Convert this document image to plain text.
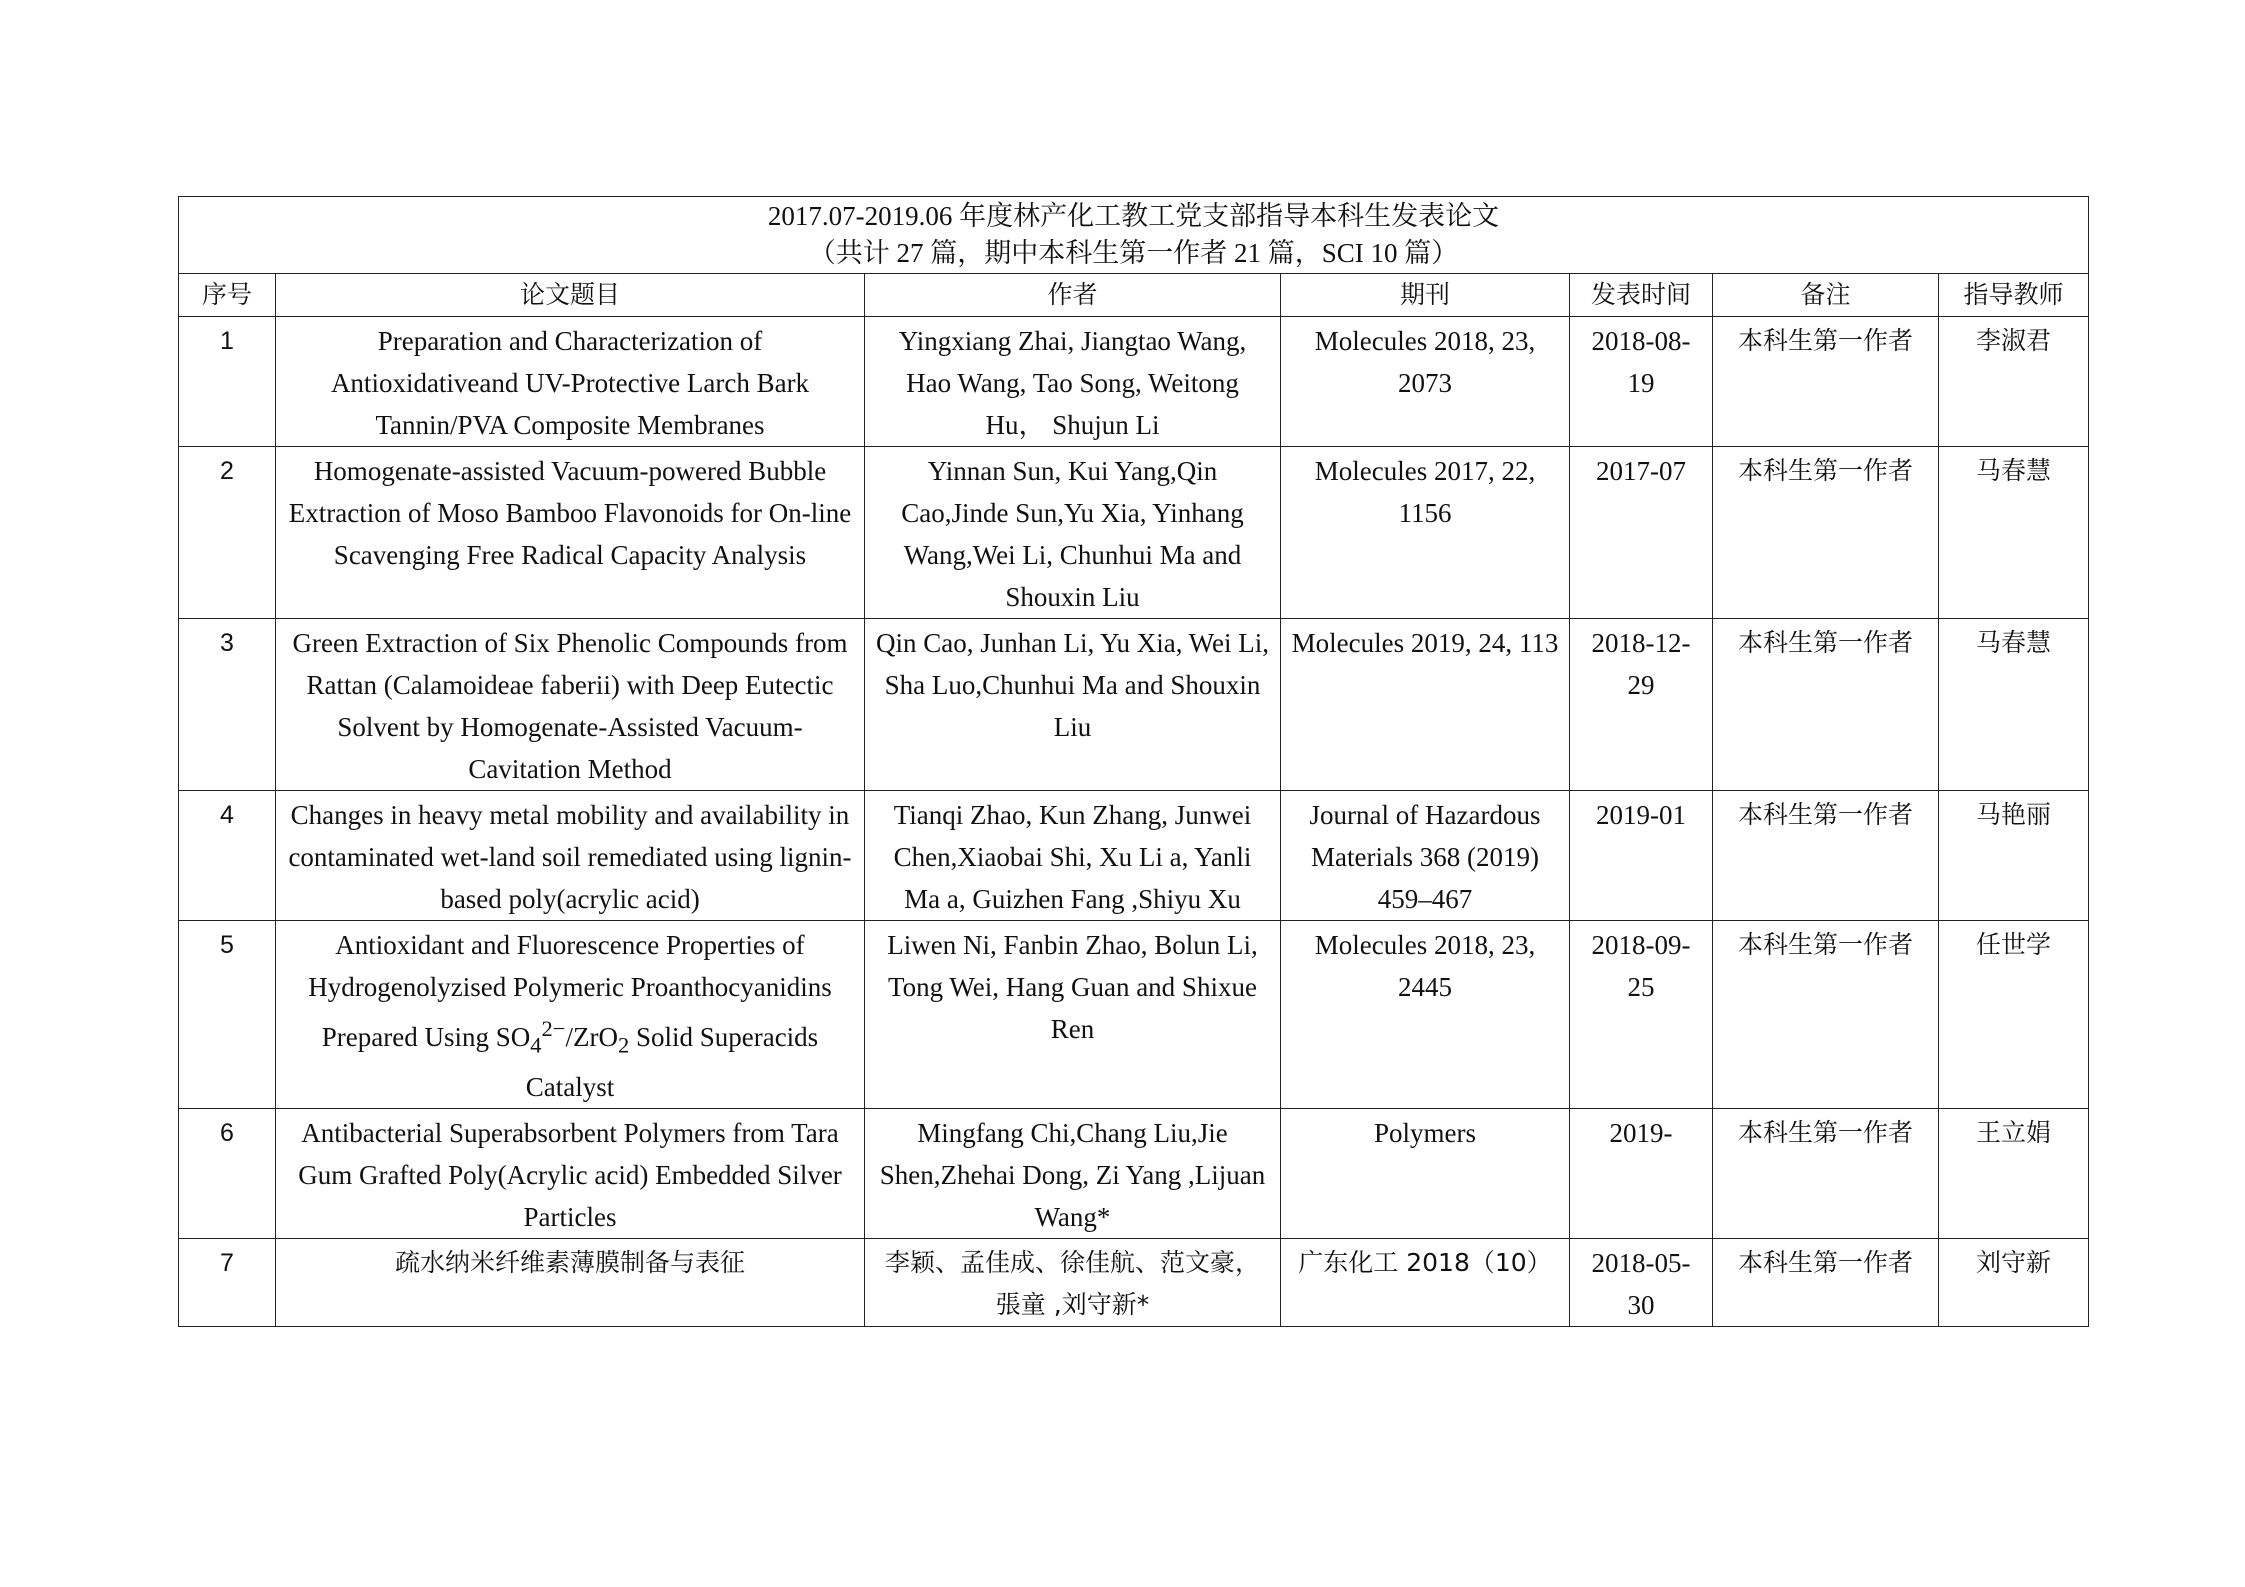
2017.07-2019.06 年度林产化工教工党支部指导本科生发表论文
（共计 27 篇，期中本科生第一作者 21 篇，SCI 10 篇）						

序号	论文题目	作者	期刊	发表时间	备注	指导教师
1	Preparation and Characterization of Antioxidativeand UV-Protective Larch Bark Tannin/PVA Composite Membranes	Yingxiang Zhai, Jiangtao Wang, Hao Wang, Tao Song, Weitong Hu， Shujun Li	Molecules 2018, 23, 2073	2018-08-19	本科生第一作者	李淑君
2	Homogenate-assisted Vacuum-powered Bubble Extraction of Moso Bamboo Flavonoids for On-line Scavenging Free Radical Capacity Analysis	Yinnan Sun, Kui Yang,Qin Cao,Jinde Sun,Yu Xia, Yinhang Wang,Wei Li, Chunhui Ma and Shouxin Liu	Molecules 2017, 22, 1156	2017-07	本科生第一作者	马春慧
3	Green Extraction of Six Phenolic Compounds from Rattan (Calamoideae faberii) with Deep Eutectic Solvent by Homogenate-Assisted Vacuum-Cavitation Method	Qin Cao, Junhan Li, Yu Xia, Wei Li, Sha Luo,Chunhui Ma and Shouxin Liu	Molecules 2019, 24, 113	2018-12-29	本科生第一作者	马春慧
4	Changes in heavy metal mobility and availability in contaminated wet-land soil remediated using lignin-based poly(acrylic acid)	Tianqi Zhao, Kun Zhang, Junwei Chen,Xiaobai Shi, Xu Li a, Yanli Ma a, Guizhen Fang ,Shiyu Xu	Journal of Hazardous Materials 368 (2019) 459–467	2019-01	本科生第一作者	马艳丽
5	Antioxidant and Fluorescence Properties of Hydrogenolyzised Polymeric Proanthocyanidins Prepared Using $SO_4^{2-}/ZrO_2$ Solid Superacids Catalyst	Liwen Ni, Fanbin Zhao, Bolun Li, Tong Wei, Hang Guan and Shixue Ren	Molecules 2018, 23, 2445	2018-09-25	本科生第一作者	任世学
6	Antibacterial Superabsorbent Polymers from Tara Gum Grafted Poly(Acrylic acid) Embedded Silver Particles	Mingfang Chi,Chang Liu,Jie Shen,Zhehai Dong, Zi Yang ,Lijuan Wang*	Polymers	2019-	本科生第一作者	王立娟
7	疏水纳米纤维素薄膜制备与表征	李颖、孟佳成、徐佳航、范文豪，張童 ,刘守新*	广东化工 2018（10）	2018-05-30	本科生第一作者	刘守新
